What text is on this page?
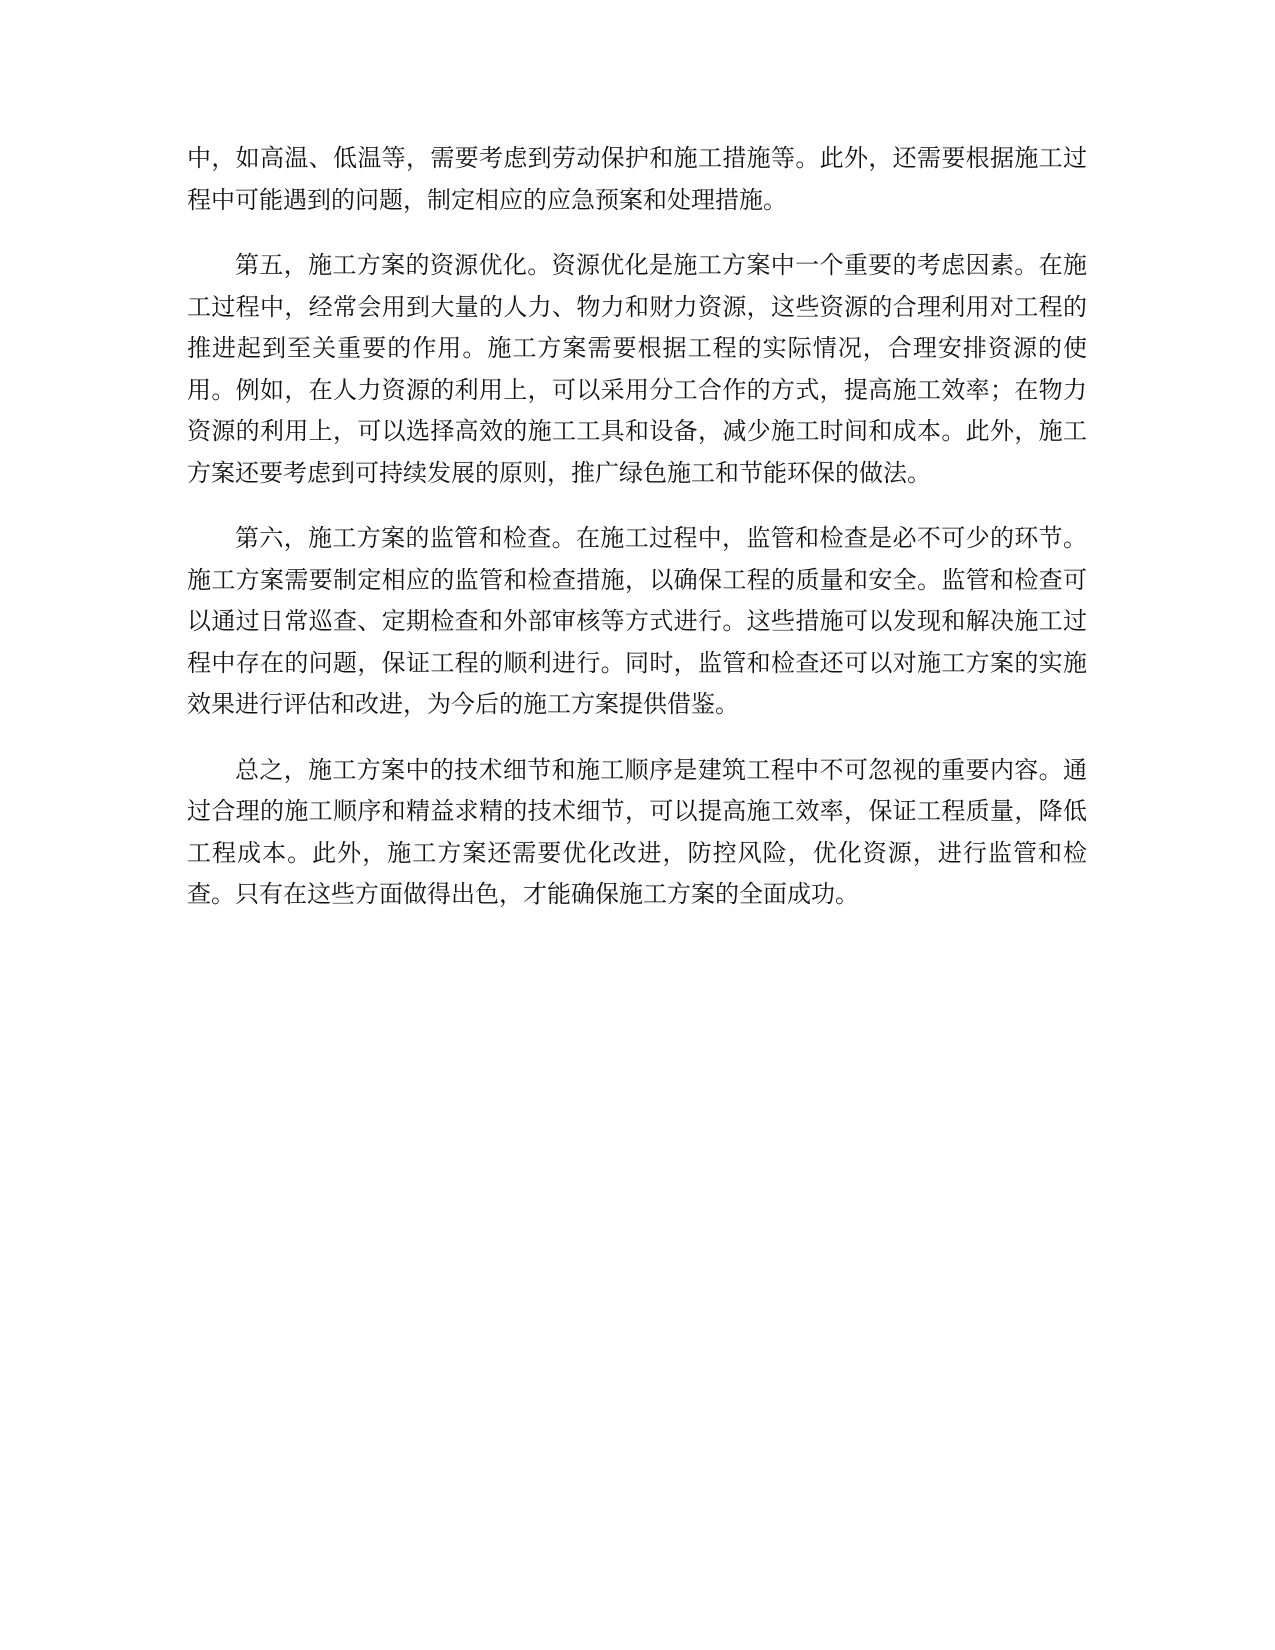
中，如高温、低温等，需要考虑到劳动保护和施工措施等。此外，还需要根据施工过程中可能遇到的问题，制定相应的应急预案和处理措施。

第五，施工方案的资源优化。资源优化是施工方案中一个重要的考虑因素。在施工过程中，经常会用到大量的人力、物力和财力资源，这些资源的合理利用对工程的推进起到至关重要的作用。施工方案需要根据工程的实际情况，合理安排资源的使用。例如，在人力资源的利用上，可以采用分工合作的方式，提高施工效率；在物力资源的利用上，可以选择高效的施工工具和设备，减少施工时间和成本。此外，施工方案还要考虑到可持续发展的原则，推广绿色施工和节能环保的做法。

第六，施工方案的监管和检查。在施工过程中，监管和检查是必不可少的环节。施工方案需要制定相应的监管和检查措施，以确保工程的质量和安全。监管和检查可以通过日常巡查、定期检查和外部审核等方式进行。这些措施可以发现和解决施工过程中存在的问题，保证工程的顺利进行。同时，监管和检查还可以对施工方案的实施效果进行评估和改进，为今后的施工方案提供借鉴。

总之，施工方案中的技术细节和施工顺序是建筑工程中不可忽视的重要内容。通过合理的施工顺序和精益求精的技术细节，可以提高施工效率，保证工程质量，降低工程成本。此外，施工方案还需要优化改进，防控风险，优化资源，进行监管和检查。只有在这些方面做得出色，才能确保施工方案的全面成功。
